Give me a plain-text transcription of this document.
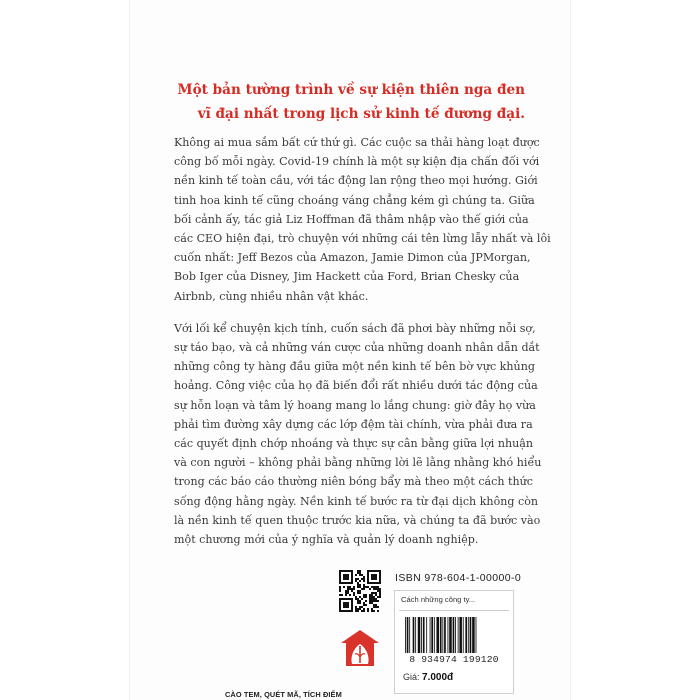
Một bản tường trình về sự kiện thiên nga đen
vĩ đại nhất trong lịch sử kinh tế đương đại.
Không ai mua sắm bất cứ thứ gì. Các cuộc sa thải hàng loạt được
công bố mỗi ngày. Covid-19 chính là một sự kiện địa chấn đối với
nền kinh tế toàn cầu, với tác động lan rộng theo mọi hướng. Giới
tinh hoa kinh tế cũng choáng váng chẳng kém gì chúng ta. Giữa
bối cảnh ấy, tác giả Liz Hoffman đã thâm nhập vào thế giới của
các CEO hiện đại, trò chuyện với những cái tên lừng lẫy nhất và lôi
cuốn nhất: Jeff Bezos của Amazon, Jamie Dimon của JPMorgan,
Bob Iger của Disney, Jim Hackett của Ford, Brian Chesky của
Airbnb, cùng nhiều nhân vật khác.
Với lối kể chuyện kịch tính, cuốn sách đã phơi bày những nỗi sợ,
sự táo bạo, và cả những ván cược của những doanh nhân dẫn dắt
những công ty hàng đầu giữa một nền kinh tế bên bờ vực khủng
hoảng. Công việc của họ đã biến đổi rất nhiều dưới tác động của
sự hỗn loạn và tâm lý hoang mang lo lắng chung: giờ đây họ vừa
phải tìm đường xây dựng các lớp đệm tài chính, vừa phải đưa ra
các quyết định chớp nhoáng và thực sự cân bằng giữa lợi nhuận
và con người – không phải bằng những lời lẽ lằng nhằng khó hiểu
trong các báo cáo thường niên bóng bẩy mà theo một cách thức
sống động hằng ngày. Nền kinh tế bước ra từ đại dịch không còn
là nền kinh tế quen thuộc trước kia nữa, và chúng ta đã bước vào
một chương mới của ý nghĩa và quản lý doanh nghiệp.
CÀO TEM, QUÉT MÃ, TÍCH ĐIỂM
ISBN 978-604-1-00000-0
Cách những công ty...
8 934974 199120
Giá: 7.000đ
